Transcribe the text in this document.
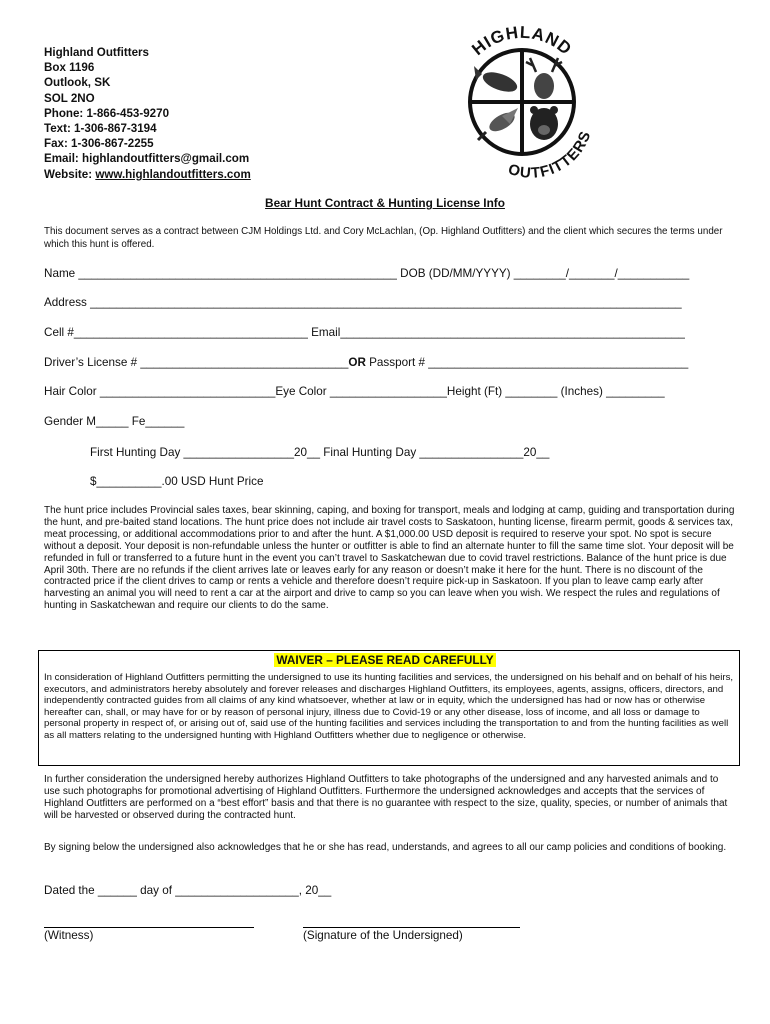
Highland Outfitters
Box 1196
Outlook, SK
SOL 2NO
Phone: 1-866-453-9270
Text: 1-306-867-3194
Fax: 1-306-867-2255
Email: highlandoutfitters@gmail.com
Website: www.highlandoutfitters.com
HIGHLAND
OUTFITTERS
Bear Hunt Contract & Hunting License Info
This document serves as a contract between CJM Holdings Ltd. and Cory McLachlan, (Op. Highland Outfitters) and the client which secures the terms under which this hunt is offered.
Name _________________________________________________ DOB (DD/MM/YYYY) ________/_______/___________
Address ___________________________________________________________________________________________
Cell #____________________________________ Email_____________________________________________________
Driver’s License # ________________________________OR Passport # ________________________________________
Hair Color ___________________________Eye Color __________________Height (Ft) ________ (Inches) _________
Gender M_____ Fe______
First Hunting Day _________________20__ Final Hunting Day ________________20__
$__________.00 USD Hunt Price
The hunt price includes Provincial sales taxes, bear skinning, caping, and boxing for transport, meals and lodging at camp, guiding and transportation during the hunt, and pre-baited stand locations. The hunt price does not include air travel costs to Saskatoon, hunting license, firearm permit, goods & services tax, meat processing, or additional accommodations prior to and after the hunt. A $1,000.00 USD deposit is required to reserve your spot. No spot is secure without a deposit. Your deposit is non-refundable unless the hunter or outfitter is able to find an alternate hunter to fill the same time slot. Your deposit will be refunded in full or transferred to a future hunt in the event you can’t travel to Saskatchewan due to covid travel restrictions. Balance of the hunt price is due April 30th. There are no refunds if the client arrives late or leaves early for any reason or doesn’t make it here for the hunt. There is no discount of the contracted price if the client drives to camp or rents a vehicle and therefore doesn’t require pick-up in Saskatoon. If you plan to leave camp early after harvesting an animal you will need to rent a car at the airport and drive to camp so you can leave when you wish. We respect the rules and regulations of hunting in Saskatchewan and require our clients to do the same.
WAIVER – PLEASE READ CAREFULLY
In consideration of Highland Outfitters permitting the undersigned to use its hunting facilities and services, the undersigned on his behalf and on behalf of his heirs, executors, and administrators hereby absolutely and forever releases and discharges Highland Outfitters, its employees, agents, assigns, officers, directors, and independently contracted guides from all claims of any kind whatsoever, whether at law or in equity, which the undersigned has had or now has or otherwise hereafter can, shall, or may have for or by reason of personal injury, illness due to Covid-19 or any other disease, loss of income, and all loss or damage to personal property in respect of, or arising out of, said use of the hunting facilities and services including the transportation to and from the hunting facilities as well as all matters relating to the undersigned hunting with Highland Outfitters whether due to negligence or otherwise.
In further consideration the undersigned hereby authorizes Highland Outfitters to take photographs of the undersigned and any harvested animals and to use such photographs for promotional advertising of Highland Outfitters. Furthermore the undersigned acknowledges and accepts that the services of Highland Outfitters are performed on a “best effort” basis and that there is no guarantee with respect to the size, quality, species, or number of animals that will be harvested or observed during the contracted hunt.
By signing below the undersigned also acknowledges that he or she has read, understands, and agrees to all our camp policies and conditions of booking.
Dated the ______ day of ___________________, 20__
(Witness)	(Signature of the Undersigned)
